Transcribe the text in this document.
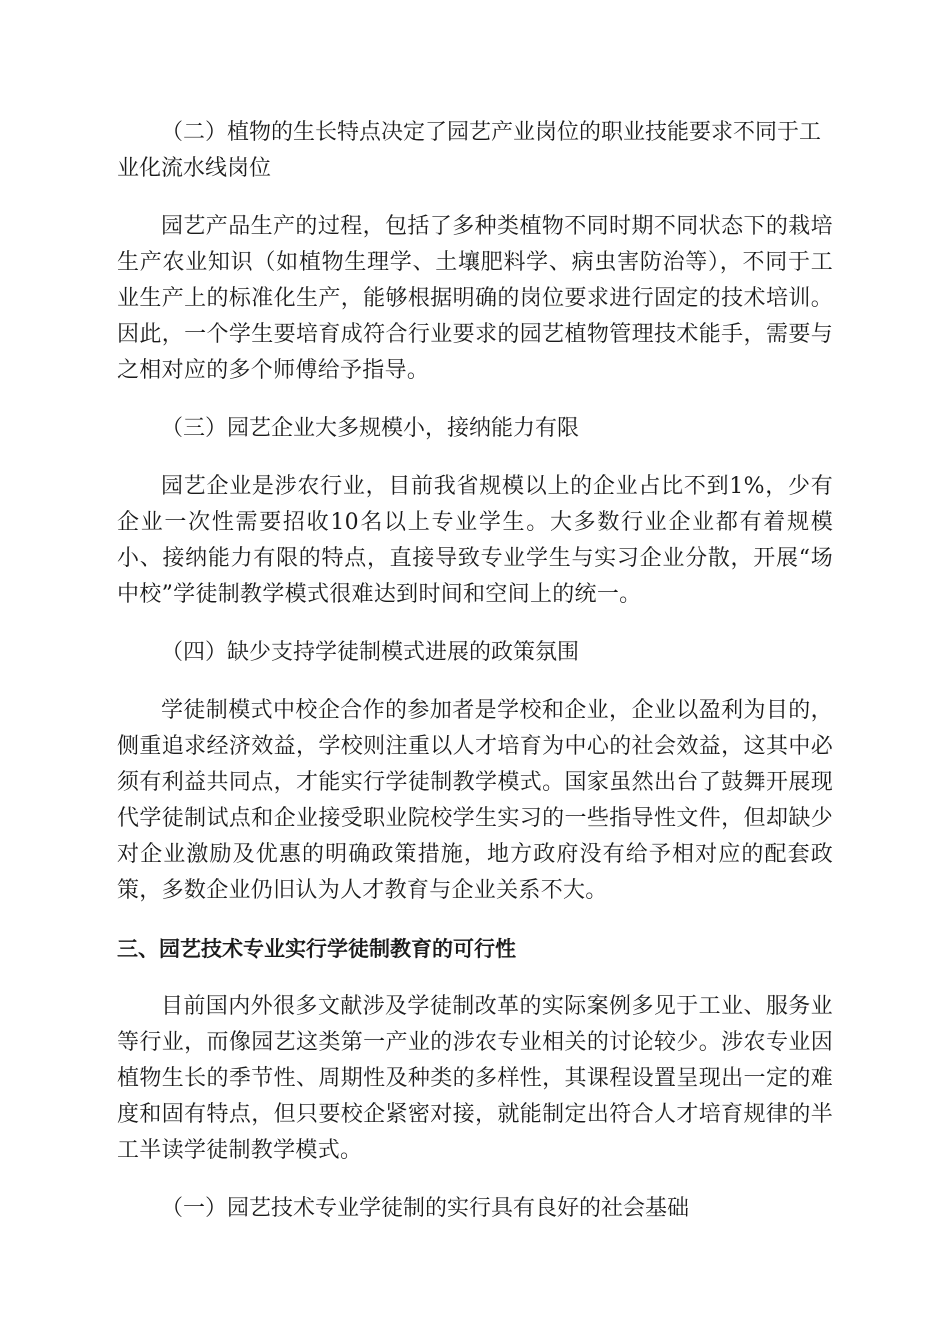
（二）植物的生长特点决定了园艺产业岗位的职业技能要求不同于工业化流水线岗位

园艺产品生产的过程，包括了多种类植物不同时期不同状态下的栽培生产农业知识（如植物生理学、土壤肥料学、病虫害防治等），不同于工业生产上的标准化生产，能够根据明确的岗位要求进行固定的技术培训。因此，一个学生要培育成符合行业要求的园艺植物管理技术能手，需要与之相对应的多个师傅给予指导。

（三）园艺企业大多规模小，接纳能力有限

园艺企业是涉农行业，目前我省规模以上的企业占比不到1%，少有企业一次性需要招收10名以上专业学生。大多数行业企业都有着规模小、接纳能力有限的特点，直接导致专业学生与实习企业分散，开展“场中校”学徒制教学模式很难达到时间和空间上的统一。

（四）缺少支持学徒制模式进展的政策氛围

学徒制模式中校企合作的参加者是学校和企业，企业以盈利为目的，侧重追求经济效益，学校则注重以人才培育为中心的社会效益，这其中必须有利益共同点，才能实行学徒制教学模式。国家虽然出台了鼓舞开展现代学徒制试点和企业接受职业院校学生实习的一些指导性文件，但却缺少对企业激励及优惠的明确政策措施，地方政府没有给予相对应的配套政策，多数企业仍旧认为人才教育与企业关系不大。

三、园艺技术专业实行学徒制教育的可行性

目前国内外很多文献涉及学徒制改革的实际案例多见于工业、服务业等行业，而像园艺这类第一产业的涉农专业相关的讨论较少。涉农专业因植物生长的季节性、周期性及种类的多样性，其课程设置呈现出一定的难度和固有特点，但只要校企紧密对接，就能制定出符合人才培育规律的半工半读学徒制教学模式。

（一）园艺技术专业学徒制的实行具有良好的社会基础
